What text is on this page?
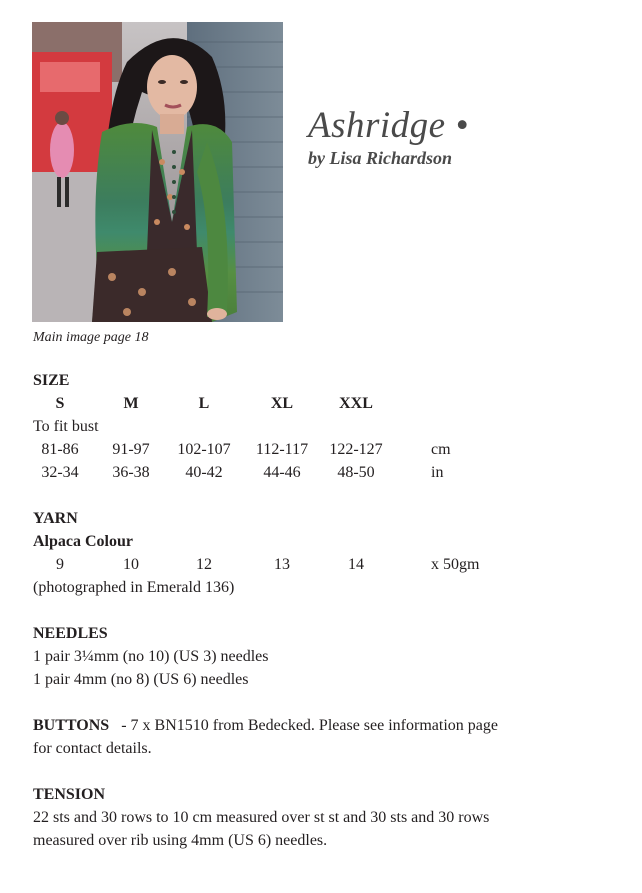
Main image page 18
Ashridge •
by Lisa Richardson
SIZE
S	M	L	XL	XXL
To fit bust
81-86	91-97	102-107	112-117	122-127	cm
32-34	36-38	40-42	44-46	48-50	in
YARN
Alpaca Colour
9	10	12	13	14	x 50gm
(photographed in Emerald 136)
NEEDLES
1 pair 3¼mm (no 10) (US 3) needles
1 pair 4mm (no 8) (US 6) needles
BUTTONS - 7 x BN1510 from Bedecked. Please see information page
for contact details.
TENSION
22 sts and 30 rows to 10 cm measured over st st and 30 sts and 30 rows
measured over rib using 4mm (US 6) needles.
